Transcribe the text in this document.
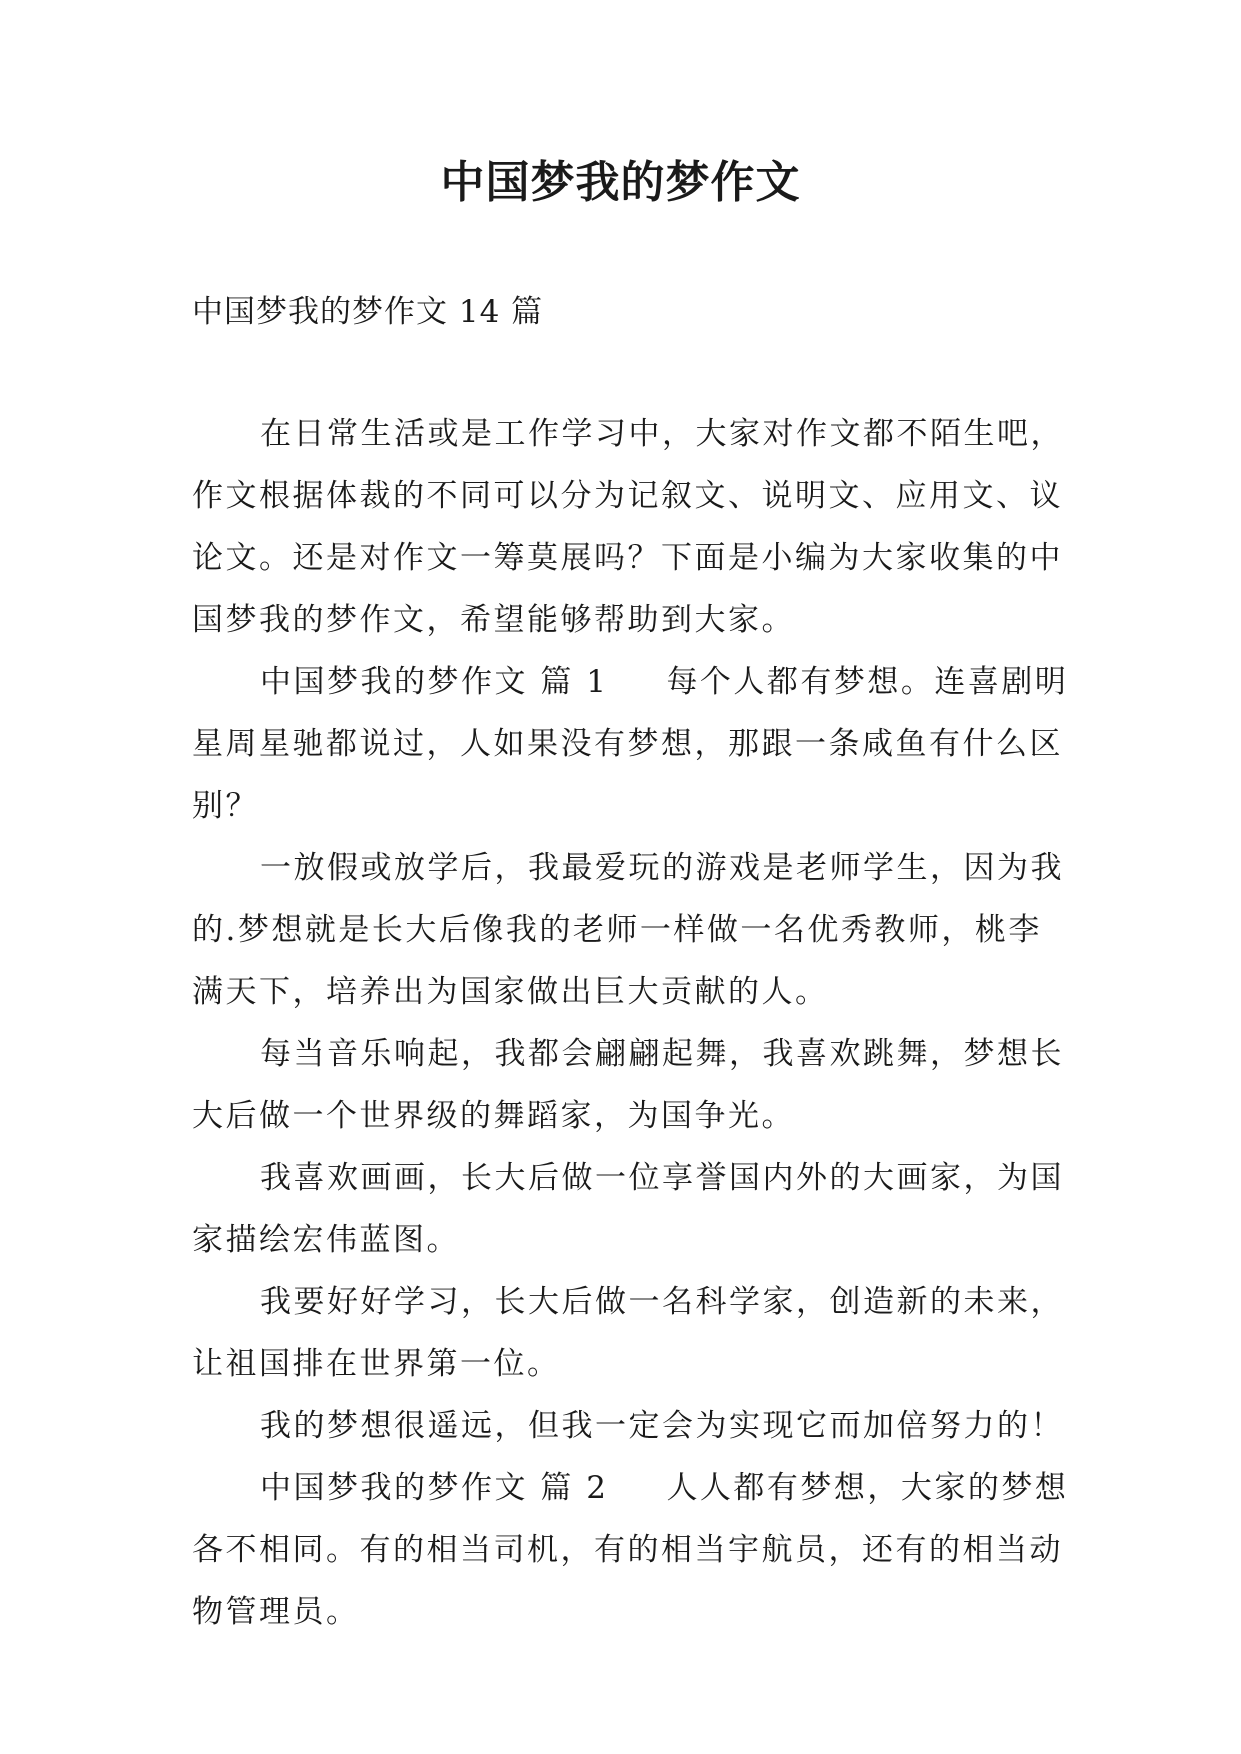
中国梦我的梦作文

中国梦我的梦作文 14 篇

在日常生活或是工作学习中，大家对作文都不陌生吧，作文根据体裁的不同可以分为记叙文、说明文、应用文、议论文。还是对作文一筹莫展吗？下面是小编为大家收集的中国梦我的梦作文，希望能够帮助到大家。

中国梦我的梦作文 篇 1 每个人都有梦想。连喜剧明星周星驰都说过，人如果没有梦想，那跟一条咸鱼有什么区别？

一放假或放学后，我最爱玩的游戏是老师学生，因为我的.梦想就是长大后像我的老师一样做一名优秀教师，桃李满天下，培养出为国家做出巨大贡献的人。

每当音乐响起，我都会翩翩起舞，我喜欢跳舞，梦想长大后做一个世界级的舞蹈家，为国争光。

我喜欢画画，长大后做一位享誉国内外的大画家，为国家描绘宏伟蓝图。

我要好好学习，长大后做一名科学家，创造新的未来，让祖国排在世界第一位。

我的梦想很遥远，但我一定会为实现它而加倍努力的！

中国梦我的梦作文 篇 2 人人都有梦想，大家的梦想各不相同。有的相当司机，有的相当宇航员，还有的相当动物管理员。
